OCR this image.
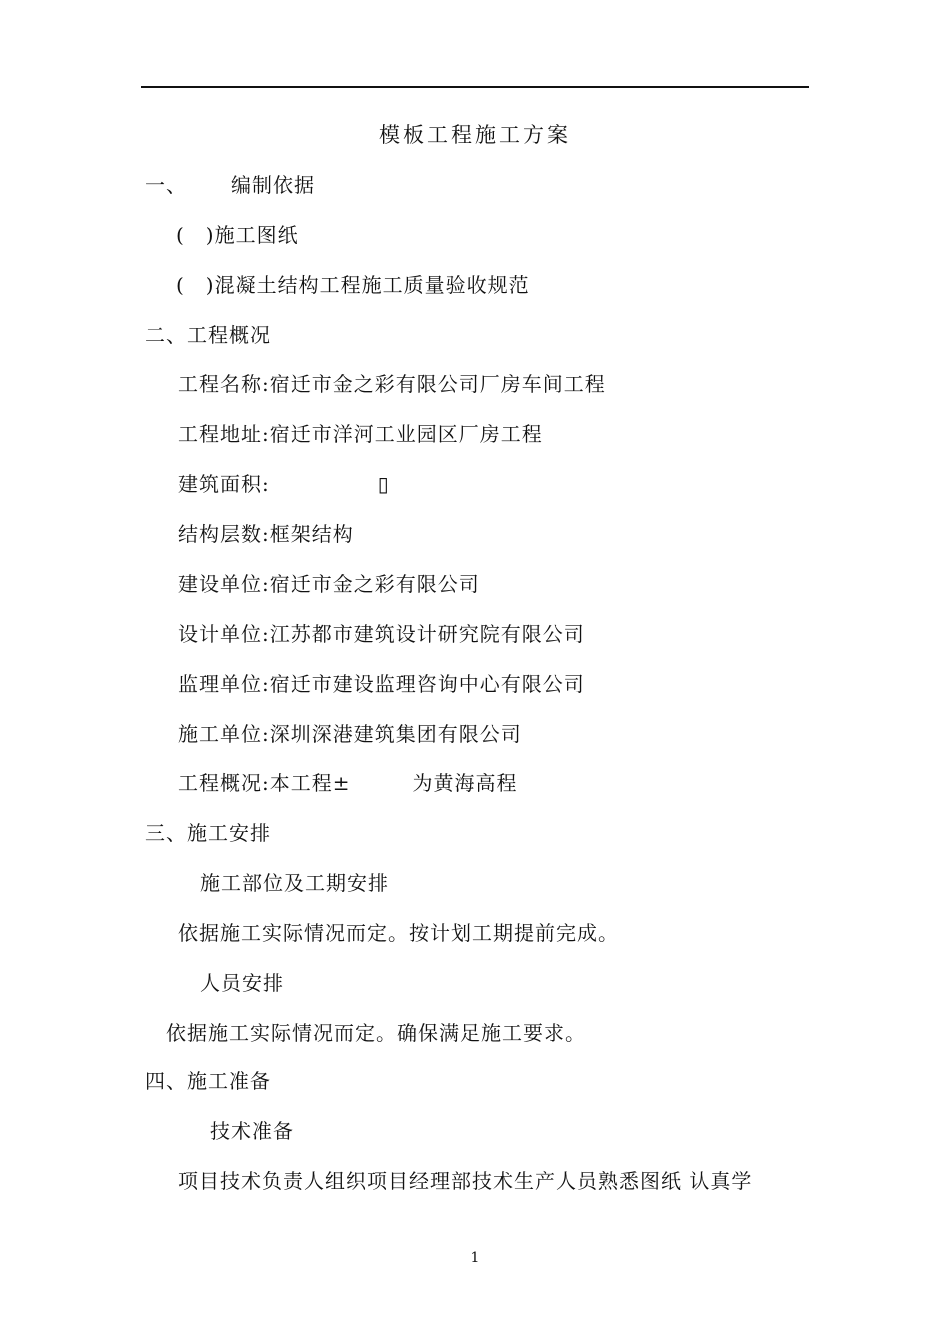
模板工程施工方案
一、 编制依据
(　)施工图纸
(　)混凝土结构工程施工质量验收规范
二、工程概况
工程名称:宿迁市金之彩有限公司厂房车间工程
工程地址:宿迁市洋河工业园区厂房工程
建筑面积:	▯
结构层数:框架结构
建设单位:宿迁市金之彩有限公司
设计单位:江苏都市建筑设计研究院有限公司
监理单位:宿迁市建设监理咨询中心有限公司
施工单位:深圳深港建筑集团有限公司
工程概况:本工程±	为黄海高程
三、施工安排
施工部位及工期安排
依据施工实际情况而定。按计划工期提前完成。
人员安排
依据施工实际情况而定。确保满足施工要求。
四、施工准备
技术准备
项目技术负责人组织项目经理部技术生产人员熟悉图纸 认真学
1
